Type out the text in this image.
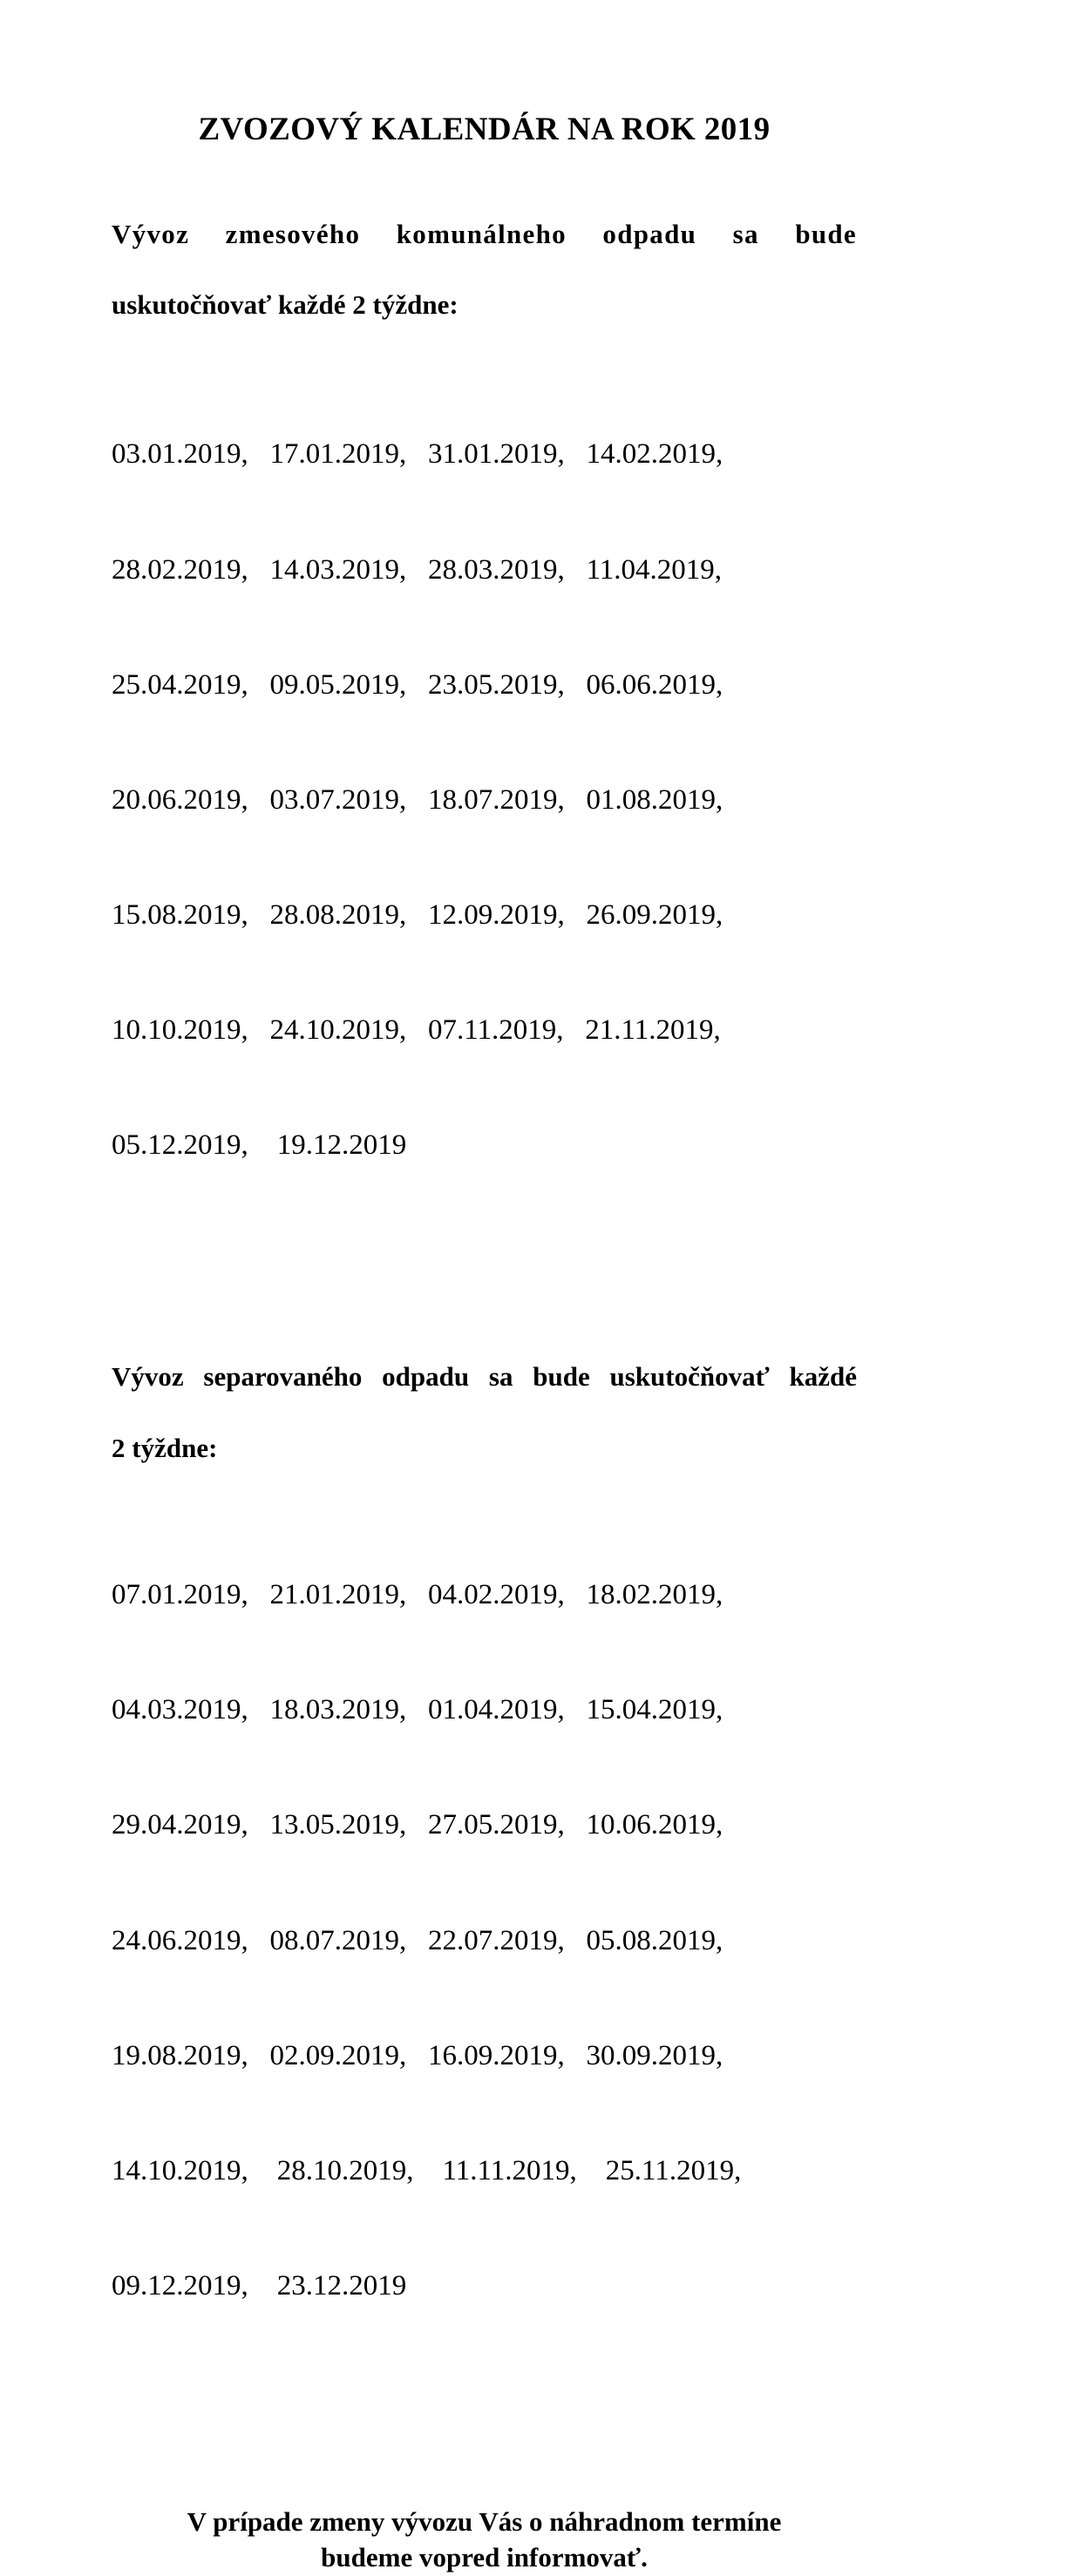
ZVOZOVÝ KALENDÁR NA ROK 2019

Vývoz zmesového komunálneho odpadu sa bude
uskutočňovať každé 2 týždne:

03.01.2019,   17.01.2019,   31.01.2019,   14.02.2019,

28.02.2019,   14.03.2019,   28.03.2019,   11.04.2019,

25.04.2019,   09.05.2019,   23.05.2019,   06.06.2019,

20.06.2019,   03.07.2019,   18.07.2019,   01.08.2019,

15.08.2019,   28.08.2019,   12.09.2019,   26.09.2019,

10.10.2019,   24.10.2019,   07.11.2019,   21.11.2019,

05.12.2019,    19.12.2019

Vývoz separovaného odpadu sa bude uskutočňovať každé
2 týždne:

07.01.2019,   21.01.2019,   04.02.2019,   18.02.2019,

04.03.2019,   18.03.2019,   01.04.2019,   15.04.2019,

29.04.2019,   13.05.2019,   27.05.2019,   10.06.2019,

24.06.2019,   08.07.2019,   22.07.2019,   05.08.2019,

19.08.2019,   02.09.2019,   16.09.2019,   30.09.2019,

14.10.2019,    28.10.2019,    11.11.2019,    25.11.2019,

09.12.2019,    23.12.2019

V prípade zmeny vývozu Vás o náhradnom termíne
budeme vopred informovať.
